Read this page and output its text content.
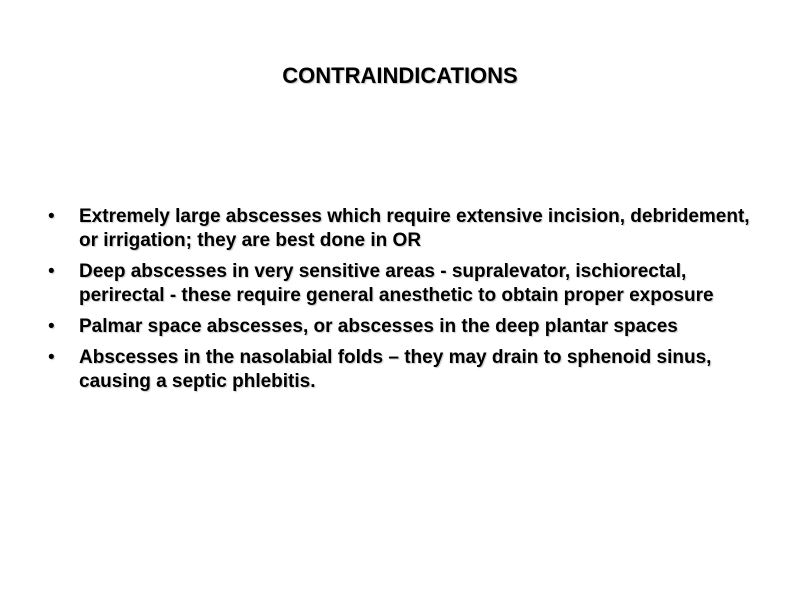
CONTRAINDICATIONS
• Extremely large abscesses which require extensive incision, debridement, or irrigation; they are best done in OR
• Deep abscesses in very sensitive areas - supralevator, ischiorectal, perirectal - these require general anesthetic to obtain proper exposure
• Palmar space abscesses, or abscesses in the deep plantar spaces
• Abscesses in the nasolabial folds – they may drain to sphenoid sinus, causing a septic phlebitis.
